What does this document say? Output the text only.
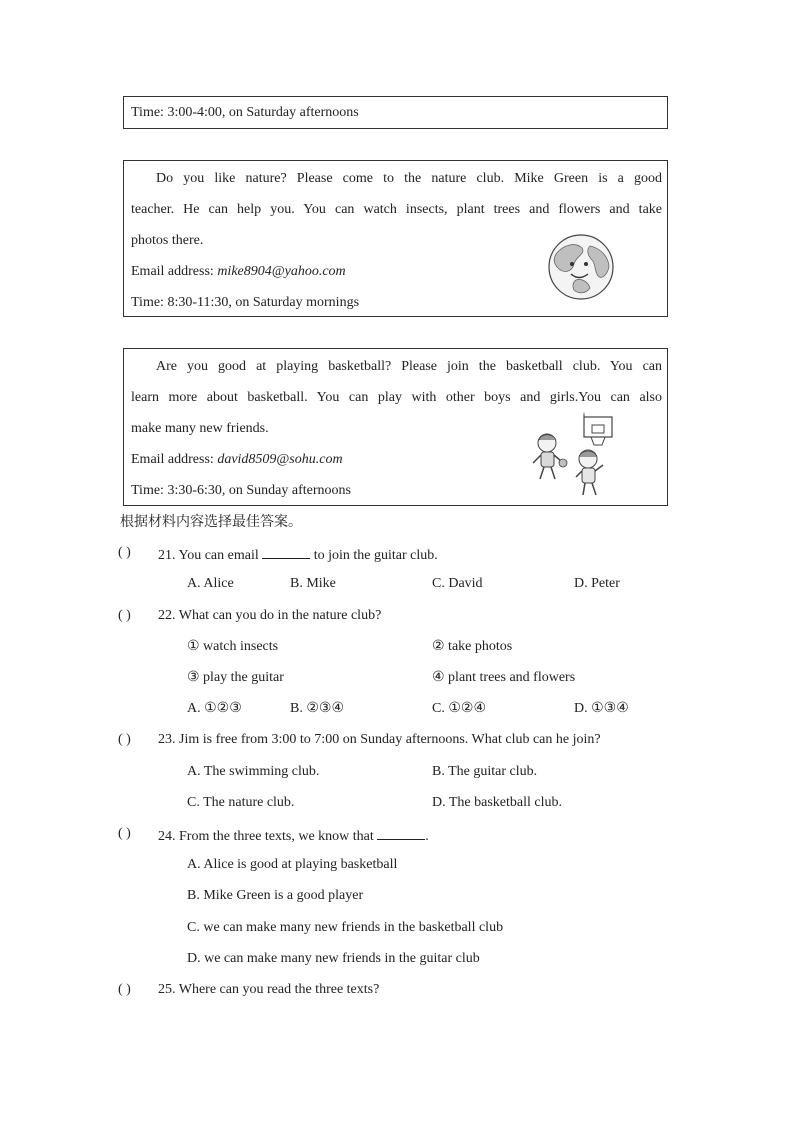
Time: 3:00-4:00, on Saturday afternoons
Do you like nature? Please come to the nature club. Mike Green is a good
teacher. He can help you. You can watch insects, plant trees and flowers and take
photos there.
Email address: mike8904@yahoo.com
Time: 8:30-11:30, on Saturday mornings
Are you good at playing basketball? Please join the basketball club. You can
learn more about basketball. You can play with other boys and girls.You can also
make many new friends.
Email address: david8509@sohu.com
Time: 3:30-6:30, on Sunday afternoons
根据材料内容选择最佳答案。
( ) 21. You can email	to join the guitar club.
A. Alice	B. Mike	C. David	D. Peter
( ) 22. What can you do in the nature club?
① watch insects	② take photos
③ play the guitar	④ plant trees and flowers
A. ①②③	B. ②③④	C. ①②④	D. ①③④
( ) 23. Jim is free from 3:00 to 7:00 on Sunday afternoons. What club can he join?
A. The swimming club.	B. The guitar club.
C. The nature club.	D. The basketball club.
( ) 24. From the three texts, we know that	.
A. Alice is good at playing basketball
B. Mike Green is a good player
C. we can make many new friends in the basketball club
D. we can make many new friends in the guitar club
( ) 25. Where can you read the three texts?
